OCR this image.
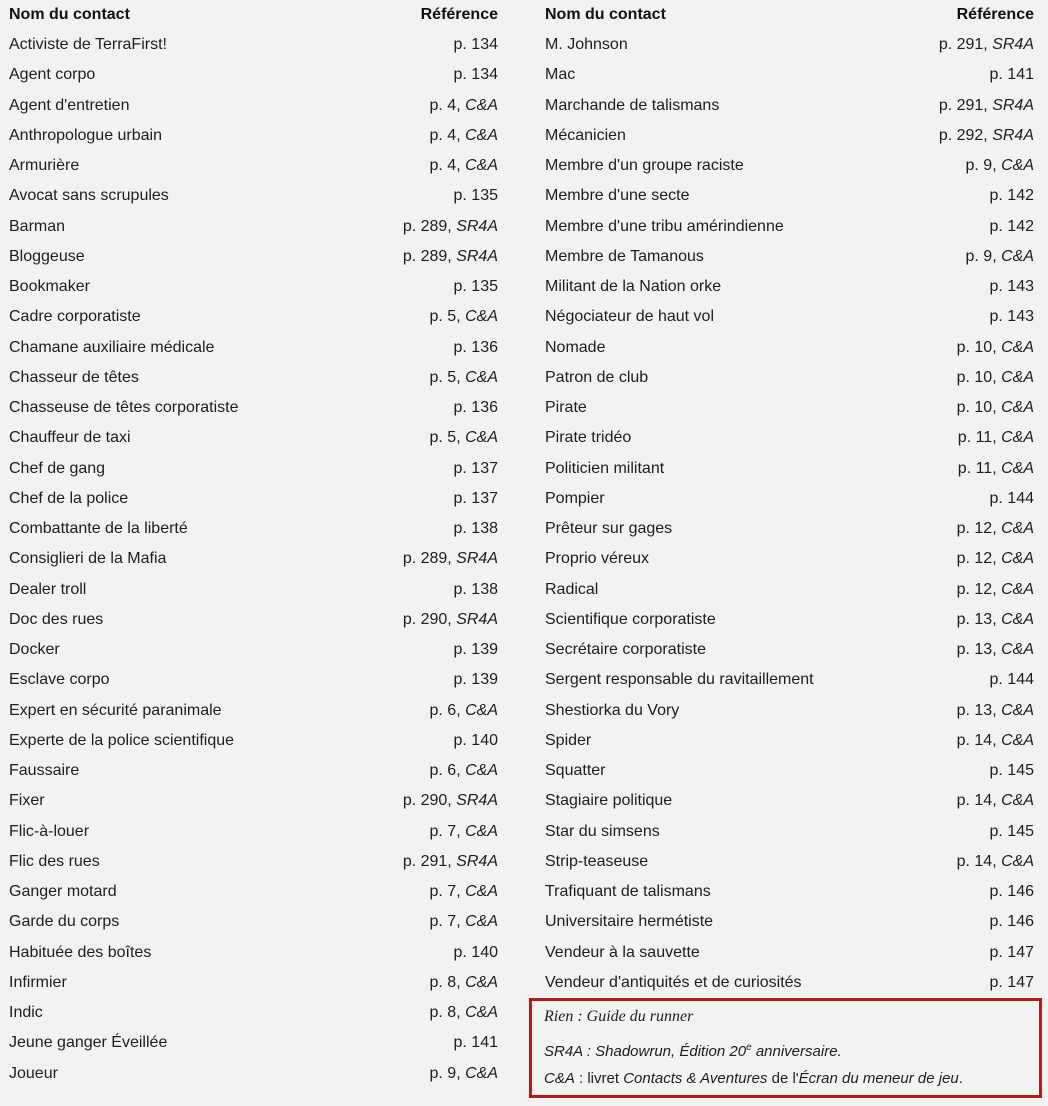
Nom du contact	Référence
Activiste de TerraFirst!	p. 134
Agent corpo	p. 134
Agent d'entretien	p. 4, C&A
Anthropologue urbain	p. 4, C&A
Armurière	p. 4, C&A
Avocat sans scrupules	p. 135
Barman	p. 289, SR4A
Bloggeuse	p. 289, SR4A
Bookmaker	p. 135
Cadre corporatiste	p. 5, C&A
Chamane auxiliaire médicale	p. 136
Chasseur de têtes	p. 5, C&A
Chasseuse de têtes corporatiste	p. 136
Chauffeur de taxi	p. 5, C&A
Chef de gang	p. 137
Chef de la police	p. 137
Combattante de la liberté	p. 138
Consiglieri de la Mafia	p. 289, SR4A
Dealer troll	p. 138
Doc des rues	p. 290, SR4A
Docker	p. 139
Esclave corpo	p. 139
Expert en sécurité paranimale	p. 6, C&A
Experte de la police scientifique	p. 140
Faussaire	p. 6, C&A
Fixer	p. 290, SR4A
Flic-à-louer	p. 7, C&A
Flic des rues	p. 291, SR4A
Ganger motard	p. 7, C&A
Garde du corps	p. 7, C&A
Habituée des boîtes	p. 140
Infirmier	p. 8, C&A
Indic	p. 8, C&A
Jeune ganger Éveillée	p. 141
Joueur	p. 9, C&A
Nom du contact	Référence
M. Johnson	p. 291, SR4A
Mac	p. 141
Marchande de talismans	p. 291, SR4A
Mécanicien	p. 292, SR4A
Membre d'un groupe raciste	p. 9, C&A
Membre d'une secte	p. 142
Membre d'une tribu amérindienne	p. 142
Membre de Tamanous	p. 9, C&A
Militant de la Nation orke	p. 143
Négociateur de haut vol	p. 143
Nomade	p. 10, C&A
Patron de club	p. 10, C&A
Pirate	p. 10, C&A
Pirate tridéo	p. 11, C&A
Politicien militant	p. 11, C&A
Pompier	p. 144
Prêteur sur gages	p. 12, C&A
Proprio véreux	p. 12, C&A
Radical	p. 12, C&A
Scientifique corporatiste	p. 13, C&A
Secrétaire corporatiste	p. 13, C&A
Sergent responsable du ravitaillement	p. 144
Shestiorka du Vory	p. 13, C&A
Spider	p. 14, C&A
Squatter	p. 145
Stagiaire politique	p. 14, C&A
Star du simsens	p. 145
Strip-teaseuse	p. 14, C&A
Trafiquant de talismans	p. 146
Universitaire hermétiste	p. 146
Vendeur à la sauvette	p. 147
Vendeur d'antiquités et de curiosités	p. 147
Rien : Guide du runner
SR4A : Shadowrun, Édition 20e anniversaire.
C&A : livret Contacts & Aventures de l'Écran du meneur de jeu.
